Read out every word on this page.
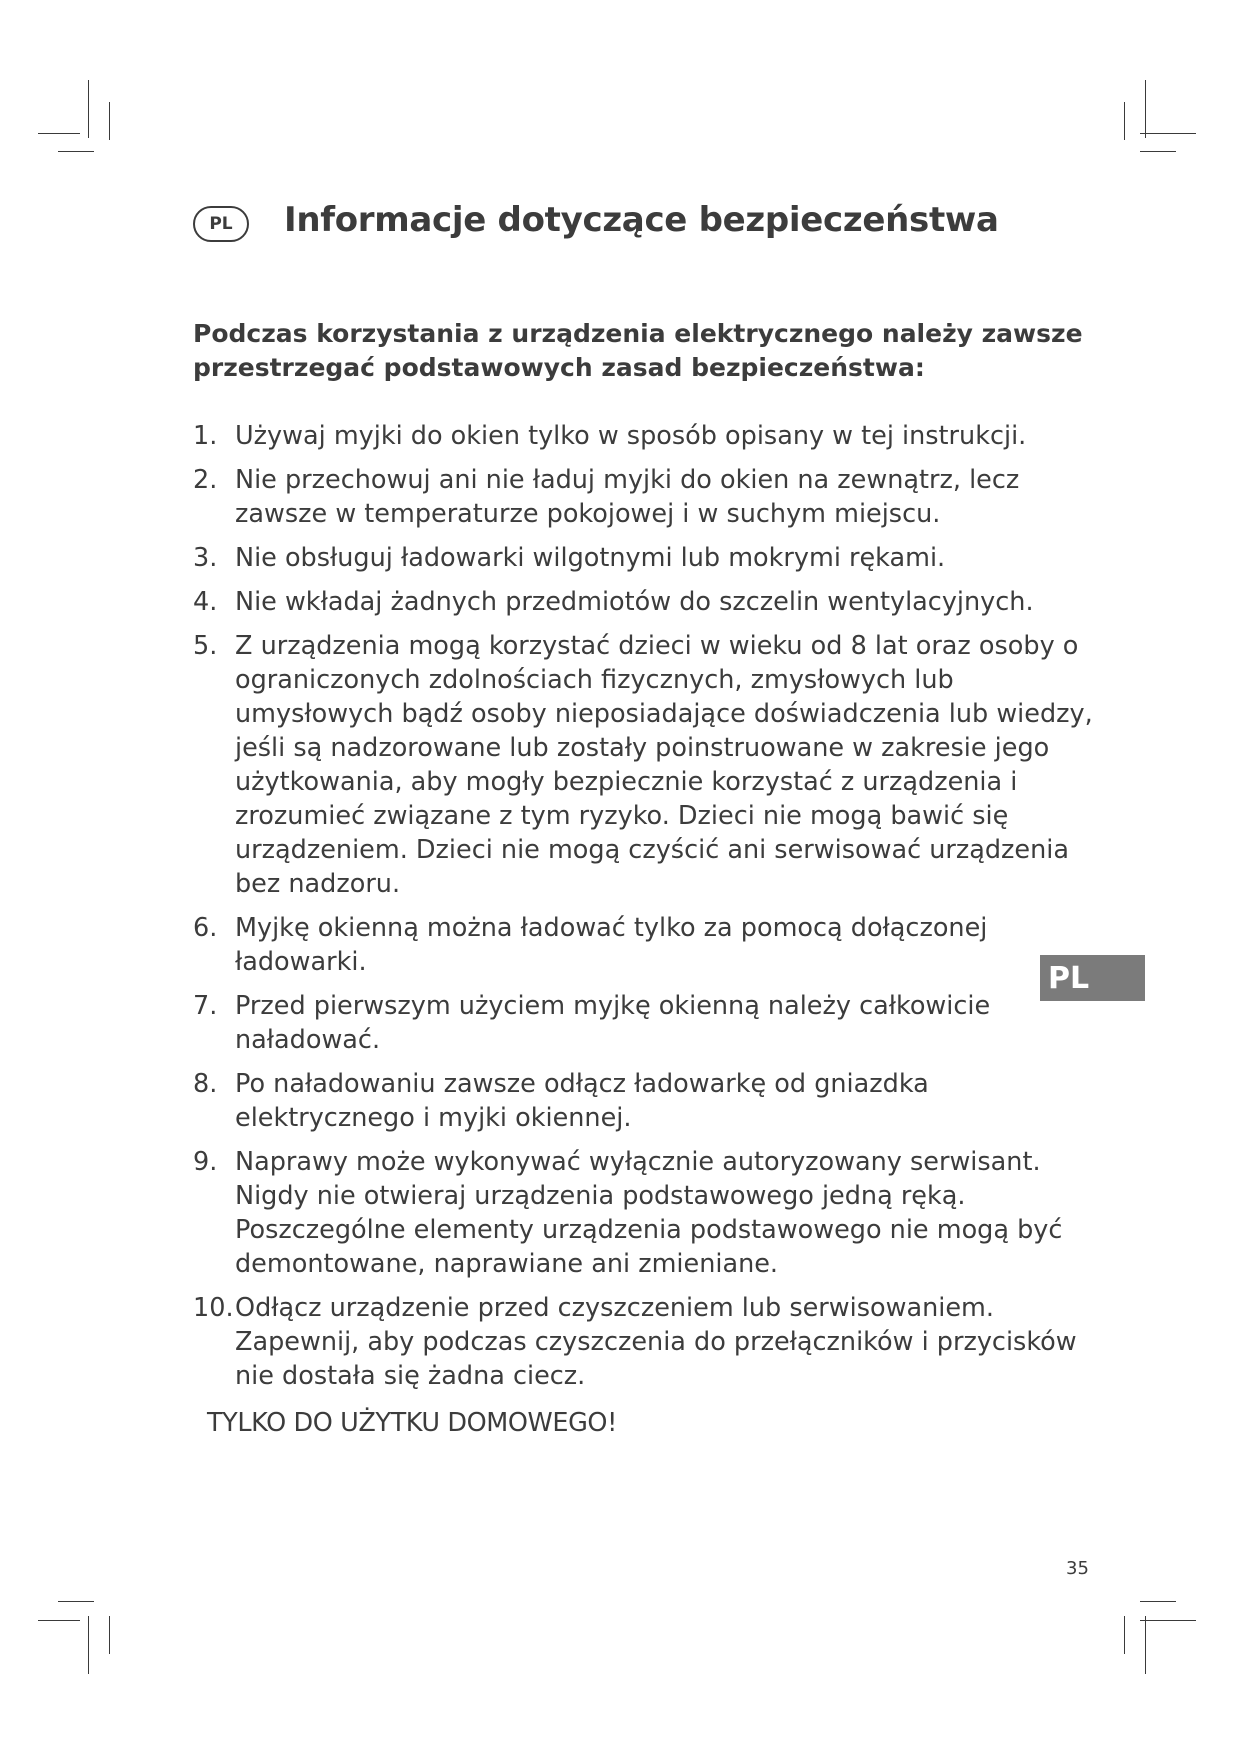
PL	Informacje dotyczące bezpieczeństwa

Podczas korzystania z urządzenia elektrycznego należy zawsze przestrzegać podstawowych zasad bezpieczeństwa:

1. Używaj myjki do okien tylko w sposób opisany w tej instrukcji.
2. Nie przechowuj ani nie ładuj myjki do okien na zewnątrz, lecz zawsze w temperaturze pokojowej i w suchym miejscu.
3. Nie obsługuj ładowarki wilgotnymi lub mokrymi rękami.
4. Nie wkładaj żadnych przedmiotów do szczelin wentylacyjnych.
5. Z urządzenia mogą korzystać dzieci w wieku od 8 lat oraz osoby o ograniczonych zdolnościach fizycznych, zmysłowych lub umysłowych bądź osoby nieposiadające doświadczenia lub wiedzy, jeśli są nadzorowane lub zostały poinstruowane w zakresie jego użytkowania, aby mogły bezpiecznie korzystać z urządzenia i zrozumieć związane z tym ryzyko. Dzieci nie mogą bawić się urządzeniem. Dzieci nie mogą czyścić ani serwisować urządzenia bez nadzoru.
6. Myjkę okienną można ładować tylko za pomocą dołączonej ładowarki.
7. Przed pierwszym użyciem myjkę okienną należy całkowicie naładować.
8. Po naładowaniu zawsze odłącz ładowarkę od gniazdka elektrycznego i myjki okiennej.
9. Naprawy może wykonywać wyłącznie autoryzowany serwisant. Nigdy nie otwieraj urządzenia podstawowego jedną ręką. Poszczególne elementy urządzenia podstawowego nie mogą być demontowane, naprawiane ani zmieniane.
10. Odłącz urządzenie przed czyszczeniem lub serwisowaniem. Zapewnij, aby podczas czyszczenia do przełączników i przycisków nie dostała się żadna ciecz.

TYLKO DO UŻYTKU DOMOWEGO!

PL
35
